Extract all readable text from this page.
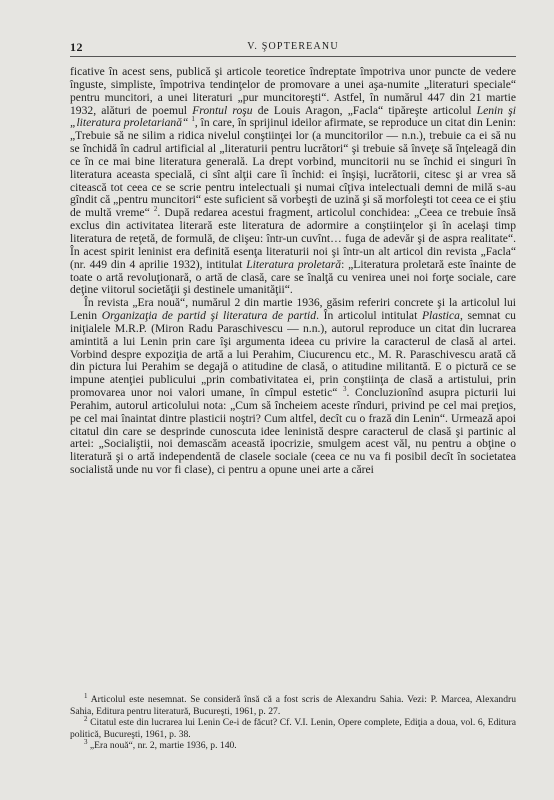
12	V. ŞOPTEREANU

ficative în acest sens, publică şi articole teoretice îndreptate împotriva unor puncte de vedere înguste, simpliste, împotriva tendinţelor de promovare a unei aşa-numite „literaturi speciale“ pentru muncitori, a unei literaturi „pur muncitoreşti“. Astfel, în numărul 447 din 21 martie 1932, alături de poemul Frontul roşu de Louis Aragon, „Facla“ tipăreşte articolul Lenin şi „literatura proletariană“ $^1$, în care, în sprijinul ideilor afirmate, se reproduce un citat din Lenin: „Trebuie să ne silim a ridica nivelul conştiinţei lor (a muncitorilor — n.n.), trebuie ca ei să nu se închidă în cadrul artificial al „literaturii pentru lucrători“ şi trebuie să înveţe să înţeleagă din ce în ce mai bine literatura generală. La drept vorbind, muncitorii nu se închid ei singuri în literatura aceasta specială, ci sînt alţii care îi închid: ei înşişi, lucrătorii, citesc şi ar vrea să citească tot ceea ce se scrie pentru intelectuali şi numai cîţiva intelectuali demni de milă s-au gîndit că „pentru muncitori“ este suficient să vorbeşti de uzină şi să morfoleşti tot ceea ce ei ştiu de multă vreme“ $^2$. După redarea acestui fragment, articolul conchidea: „Ceea ce trebuie însă exclus din activitatea literară este literatura de adormire a conştiinţelor şi în acelaşi timp literatura de reţetă, de formulă, de clişeu: într-un cuvînt… fuga de adevăr şi de aspra realitate“. În acest spirit leninist era definită esenţa literaturii noi şi într-un alt articol din revista „Facla“ (nr. 449 din 4 aprilie 1932), intitulat Literatura proletară: „Literatura proletară este înainte de toate o artă revoluţionară, o artă de clasă, care se înalţă cu venirea unei noi forţe sociale, care deţine viitorul societăţii şi destinele umanităţii“.

În revista „Era nouă“, numărul 2 din martie 1936, găsim referiri concrete şi la articolul lui Lenin Organizaţia de partid şi literatura de partid. În articolul intitulat Plastica, semnat cu iniţialele M.R.P. (Miron Radu Paraschivescu — n.n.), autorul reproduce un citat din lucrarea amintită a lui Lenin prin care îşi argumenta ideea cu privire la caracterul de clasă al artei. Vorbind despre expoziţia de artă a lui Perahim, Ciucurencu etc., M. R. Paraschivescu arată că din pictura lui Perahim se degajă o atitudine de clasă, o atitudine militantă. E o pictură ce se impune atenţiei publicului „prin combativitatea ei, prin conştiinţa de clasă a artistului, prin promovarea unor noi valori umane, în cîmpul estetic“ $^3$. Concluzionînd asupra picturii lui Perahim, autorul articolului nota: „Cum să încheiem aceste rînduri, privind pe cel mai preţios, pe cel mai înaintat dintre plasticii noştri? Cum altfel, decît cu o frază din Lenin“. Urmează apoi citatul din care se desprinde cunoscuta idee leninistă despre caracterul de clasă şi partinic al artei: „Socialiştii, noi demascăm această ipocrizie, smulgem acest văl, nu pentru a obţine o literatură şi o artă independentă de clasele sociale (ceea ce nu va fi posibil decît în societatea socialistă unde nu vor fi clase), ci pentru a opune unei arte a cărei

$^1$ Articolul este nesemnat. Se consideră însă că a fost scris de Alexandru Sahia. Vezi: P. Marcea, Alexandru Sahia, Editura pentru literatură, Bucureşti, 1961, p. 27.

$^2$ Citatul este din lucrarea lui Lenin Ce-i de făcut? Cf. V.I. Lenin, Opere complete, Ediţia a doua, vol. 6, Editura politică, Bucureşti, 1961, p. 38.

$^3$ „Era nouă“, nr. 2, martie 1936, p. 140.
